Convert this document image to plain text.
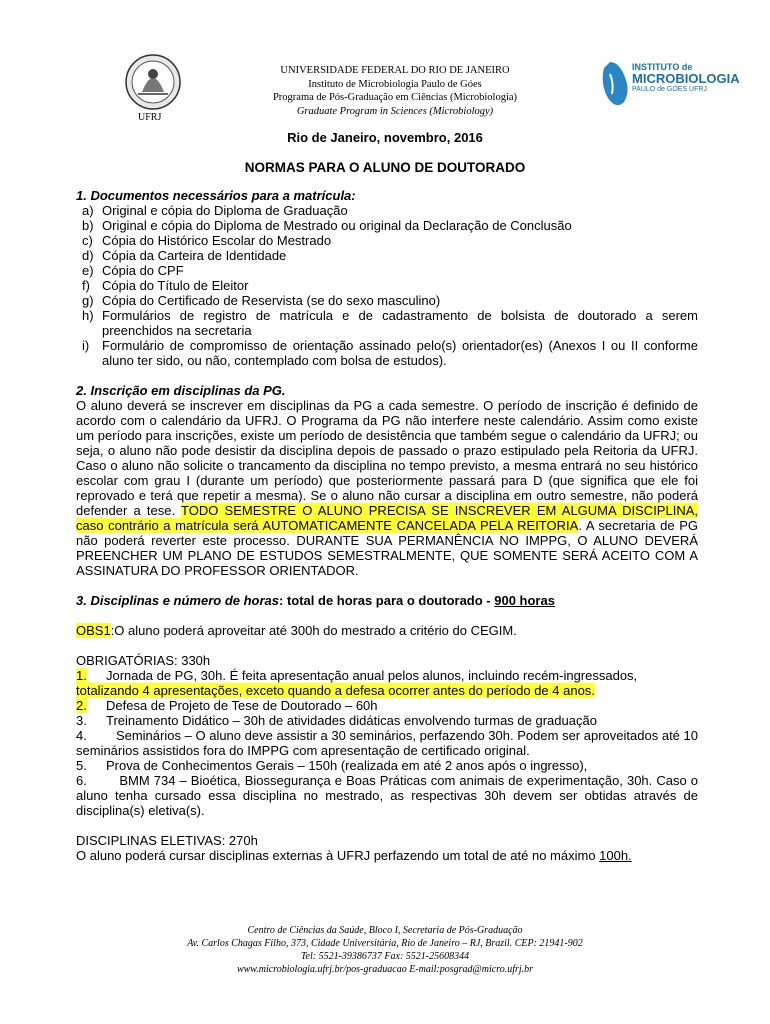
UFRJ
UNIVERSIDADE FEDERAL DO RIO DE JANEIRO
Instituto de Microbiologia Paulo de Góes
Programa de Pós-Graduação em Ciências (Microbiologia)
Graduate Program in Sciences (Microbiology)
INSTITUTO de
MICROBIOLOGIA
PAULO de GÓES UFRJ
Rio de Janeiro, novembro, 2016
NORMAS PARA O ALUNO DE DOUTORADO
1. Documentos necessários para a matrícula:
a) Original e cópia do Diploma de Graduação
b) Original e cópia do Diploma de Mestrado ou original da Declaração de Conclusão
c) Cópia do Histórico Escolar do Mestrado
d) Cópia da Carteira de Identidade
e) Cópia do CPF
f) Cópia do Título de Eleitor
g) Cópia do Certificado de Reservista (se do sexo masculino)
h) Formulários de registro de matrícula e de cadastramento de bolsista de doutorado a serem preenchidos na secretaria
i) Formulário de compromisso de orientação assinado pelo(s) orientador(es) (Anexos I ou II conforme aluno ter sido, ou não, contemplado com bolsa de estudos).
2. Inscrição em disciplinas da PG.

O aluno deverá se inscrever em disciplinas da PG a cada semestre. O período de inscrição é definido de acordo com o calendário da UFRJ. O Programa da PG não interfere neste calendário. Assim como existe um período para inscrições, existe um período de desistência que também segue o calendário da UFRJ; ou seja, o aluno não pode desistir da disciplina depois de passado o prazo estipulado pela Reitoria da UFRJ. Caso o aluno não solicite o trancamento da disciplina no tempo previsto, a mesma entrará no seu histórico escolar com grau I (durante um período) que posteriormente passará para D (que significa que ele foi reprovado e terá que repetir a mesma). Se o aluno não cursar a disciplina em outro semestre, não poderá defender a tese. TODO SEMESTRE O ALUNO PRECISA SE INSCREVER EM ALGUMA DISCIPLINA, caso contrário a matrícula será AUTOMATICAMENTE CANCELADA PELA REITORIA. A secretaria de PG não poderá reverter este processo. DURANTE SUA PERMANÊNCIA NO IMPPG, O ALUNO DEVERÁ PREENCHER UM PLANO DE ESTUDOS SEMESTRALMENTE, QUE SOMENTE SERÁ ACEITO COM A ASSINATURA DO PROFESSOR ORIENTADOR.

3. Disciplinas e número de horas: total de horas para o doutorado - 900 horas
OBS1:O aluno poderá aproveitar até 300h do mestrado a critério do CEGIM.
OBRIGATÓRIAS: 330h
1.	Jornada de PG, 30h. É feita apresentação anual pelos alunos, incluindo recém-ingressados,
totalizando 4 apresentações, exceto quando a defesa ocorrer antes do período de 4 anos.
2.	Defesa de Projeto de Tese de Doutorado – 60h
3.	Treinamento Didático – 30h de atividades didáticas envolvendo turmas de graduação

4. Seminários – O aluno deve assistir a 30 seminários, perfazendo 30h. Podem ser aproveitados até 10 seminários assistidos fora do IMPPG com apresentação de certificado original.

5.	Prova de Conhecimentos Gerais – 150h (realizada em até 2 anos após o ingresso),

6.	BMM 734 – Bioética, Biossegurança e Boas Práticas com animais de experimentação, 30h. Caso o aluno tenha cursado essa disciplina no mestrado, as respectivas 30h devem ser obtidas através de disciplina(s) eletiva(s).

DISCIPLINAS ELETIVAS: 270h
O aluno poderá cursar disciplinas externas à UFRJ perfazendo um total de até no máximo 100h.
Centro de Ciências da Saúde, Bloco I, Secretaria de Pós-Graduação
Av. Carlos Chagas Filho, 373, Cidade Universitária, Rio de Janeiro – RJ, Brazil. CEP: 21941-902
Tel: 5521-39386737 Fax: 5521-25608344
www.microbiologia.ufrj.br/pos-graduacao E-mail:posgrad@micro.ufrj.br
